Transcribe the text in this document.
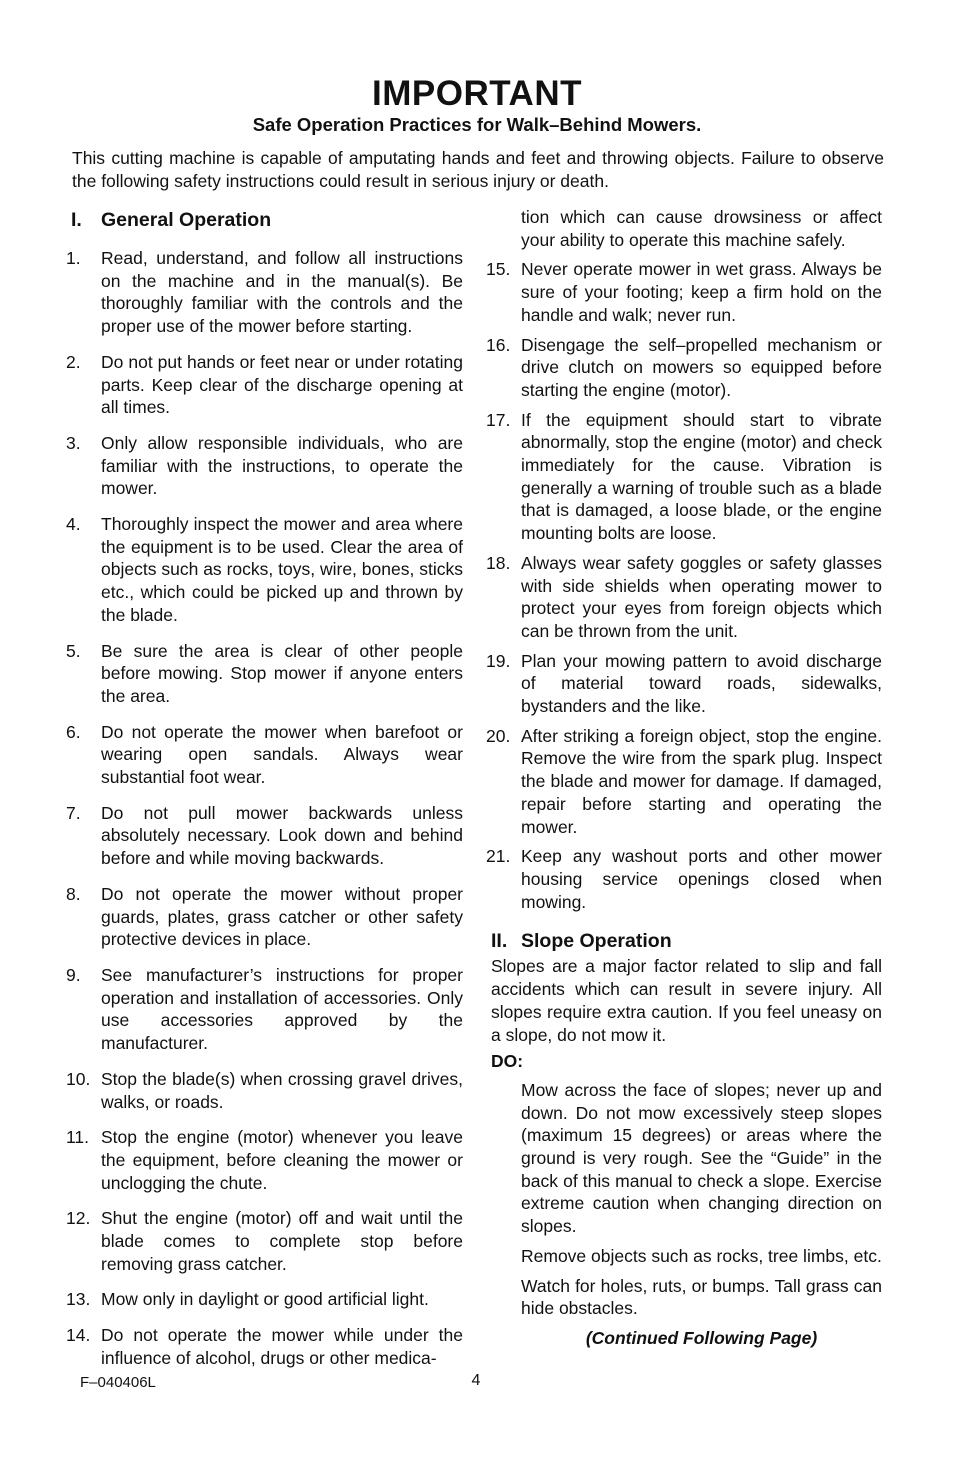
IMPORTANT
Safe Operation Practices for Walk–Behind Mowers.
This cutting machine is capable of amputating hands and feet and throwing objects. Failure to observe the following safety instructions could result in serious injury or death.
I. General Operation
1.	Read, understand, and follow all instructions on the machine and in the manual(s). Be thoroughly familiar with the controls and the proper use of the mower before starting.
2.	Do not put hands or feet near or under rotating parts. Keep clear of the discharge opening at all times.
3.	Only allow responsible individuals, who are familiar with the instructions, to operate the mower.
4.	Thoroughly inspect the mower and area where the equipment is to be used. Clear the area of objects such as rocks, toys, wire, bones, sticks etc., which could be picked up and thrown by the blade.
5.	Be sure the area is clear of other people before mowing. Stop mower if anyone enters the area.
6.	Do not operate the mower when barefoot or wearing open sandals. Always wear substantial foot wear.
7.	Do not pull mower backwards unless absolutely necessary. Look down and behind before and while moving backwards.
8.	Do not operate the mower without proper guards, plates, grass catcher or other safety protective devices in place.
9.	See manufacturer’s instructions for proper operation and installation of accessories. Only use accessories approved by the manufacturer.
10. Stop the blade(s) when crossing gravel drives, walks, or roads.
11. Stop the engine (motor) whenever you leave the equipment, before cleaning the mower or unclogging the chute.
12. Shut the engine (motor) off and wait until the blade comes to complete stop before removing grass catcher.
13. Mow only in daylight or good artificial light.
14. Do not operate the mower while under the influence of alcohol, drugs or other medica-
tion which can cause drowsiness or affect your ability to operate this machine safely.
15. Never operate mower in wet grass. Always be sure of your footing; keep a firm hold on the handle and walk; never run.
16. Disengage the self–propelled mechanism or drive clutch on mowers so equipped before starting the engine (motor).
17. If the equipment should start to vibrate abnormally, stop the engine (motor) and check immediately for the cause. Vibration is generally a warning of trouble such as a blade that is damaged, a loose blade, or the engine mounting bolts are loose.
18. Always wear safety goggles or safety glasses with side shields when operating mower to protect your eyes from foreign objects which can be thrown from the unit.
19. Plan your mowing pattern to avoid discharge of material toward roads, sidewalks, bystanders and the like.
20. After striking a foreign object, stop the engine. Remove the wire from the spark plug. Inspect the blade and mower for damage. If damaged, repair before starting and operating the mower.
21. Keep any washout ports and other mower housing service openings closed when mowing.
II. Slope Operation
Slopes are a major factor related to slip and fall accidents which can result in severe injury. All slopes require extra caution. If you feel uneasy on a slope, do not mow it.
DO:
Mow across the face of slopes; never up and down. Do not mow excessively steep slopes (maximum 15 degrees) or areas where the ground is very rough. See the “Guide” in the back of this manual to check a slope. Exercise extreme caution when changing direction on slopes.
Remove objects such as rocks, tree limbs, etc.
Watch for holes, ruts, or bumps. Tall grass can hide obstacles.
(Continued Following Page)
F–040406L	4
